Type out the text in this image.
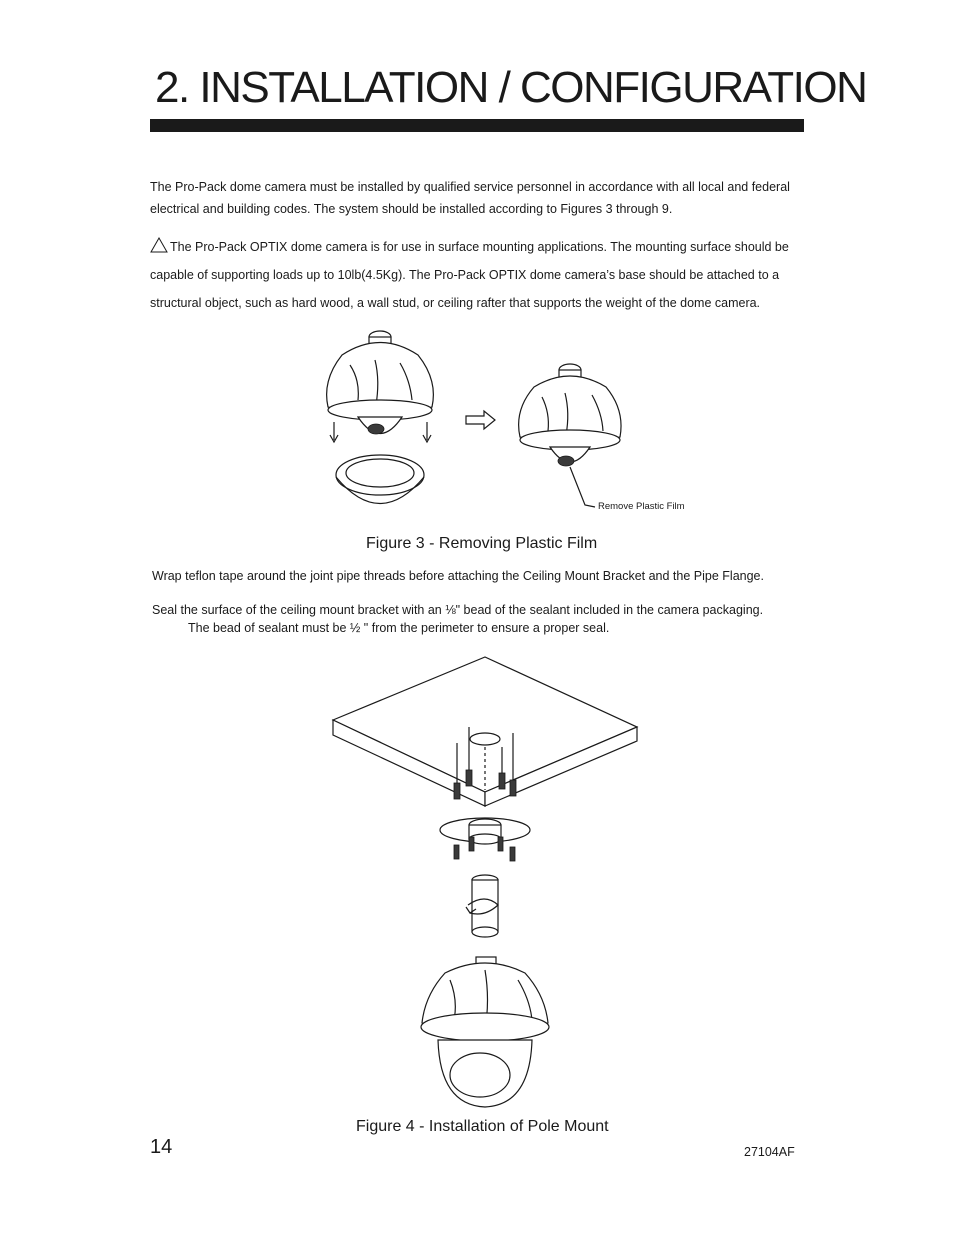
2. INSTALLATION / CONFIGURATION
The Pro-Pack dome camera must be installed by qualified service personnel in accordance with all local and federal electrical and building codes. The system should be installed according to Figures 3 through 9.
The Pro-Pack OPTIX dome camera is for use in surface mounting applications. The mounting surface should be
capable of supporting loads up to 10lb(4.5Kg). The Pro-Pack OPTIX dome camera’s base should be attached to a
structural object, such as hard wood, a wall stud, or ceiling rafter that supports the weight of the dome camera.
Remove Plastic Film
Figure 3 - Removing Plastic Film
Wrap teflon tape around the joint pipe threads before attaching the Ceiling Mount Bracket and the Pipe Flange.
Seal the surface of the ceiling mount bracket with an ⅛" bead of the sealant included in the camera packaging.
The bead of sealant must be ½ " from the perimeter to ensure a proper seal.
Figure 4 - Installation of Pole Mount
14	27104AF
